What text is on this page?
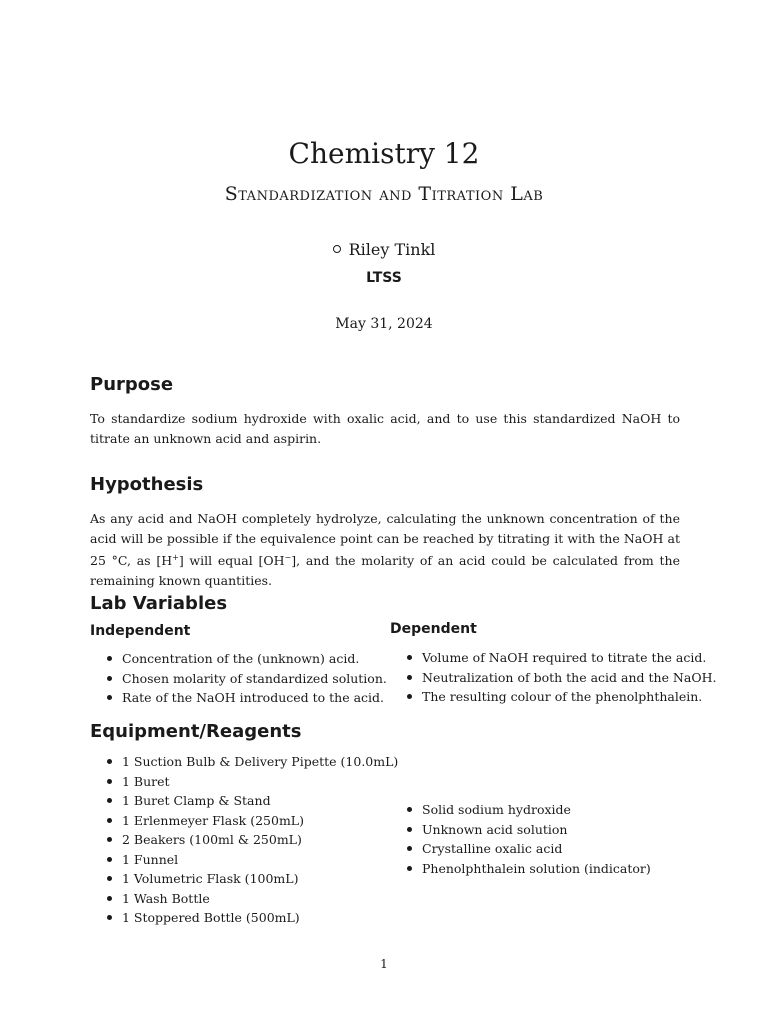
Chemistry 12
Standardization and Titration Lab
Riley Tinkl
LTSS
May 31, 2024
Purpose
To standardize sodium hydroxide with oxalic acid, and to use this standardized NaOH to titrate an unknown acid and aspirin.
Hypothesis
As any acid and NaOH completely hydrolyze, calculating the unknown concentration of the acid will be possible if the equivalence point can be reached by titrating it with the NaOH at 25 °C, as [H+] will equal [OH−], and the molarity of an acid could be calculated from the remaining known quantities.
Lab Variables
Independent
Concentration of the (unknown) acid.
Chosen molarity of standardized solution.
Rate of the NaOH introduced to the acid.
Dependent
Volume of NaOH required to titrate the acid.
Neutralization of both the acid and the NaOH.
The resulting colour of the phenolphthalein.
Equipment/Reagents
1 Suction Bulb & Delivery Pipette (10.0mL)
1 Buret
1 Buret Clamp & Stand
1 Erlenmeyer Flask (250mL)
2 Beakers (100ml & 250mL)
1 Funnel
1 Volumetric Flask (100mL)
1 Wash Bottle
1 Stoppered Bottle (500mL)
Solid sodium hydroxide
Unknown acid solution
Crystalline oxalic acid
Phenolphthalein solution (indicator)
1
